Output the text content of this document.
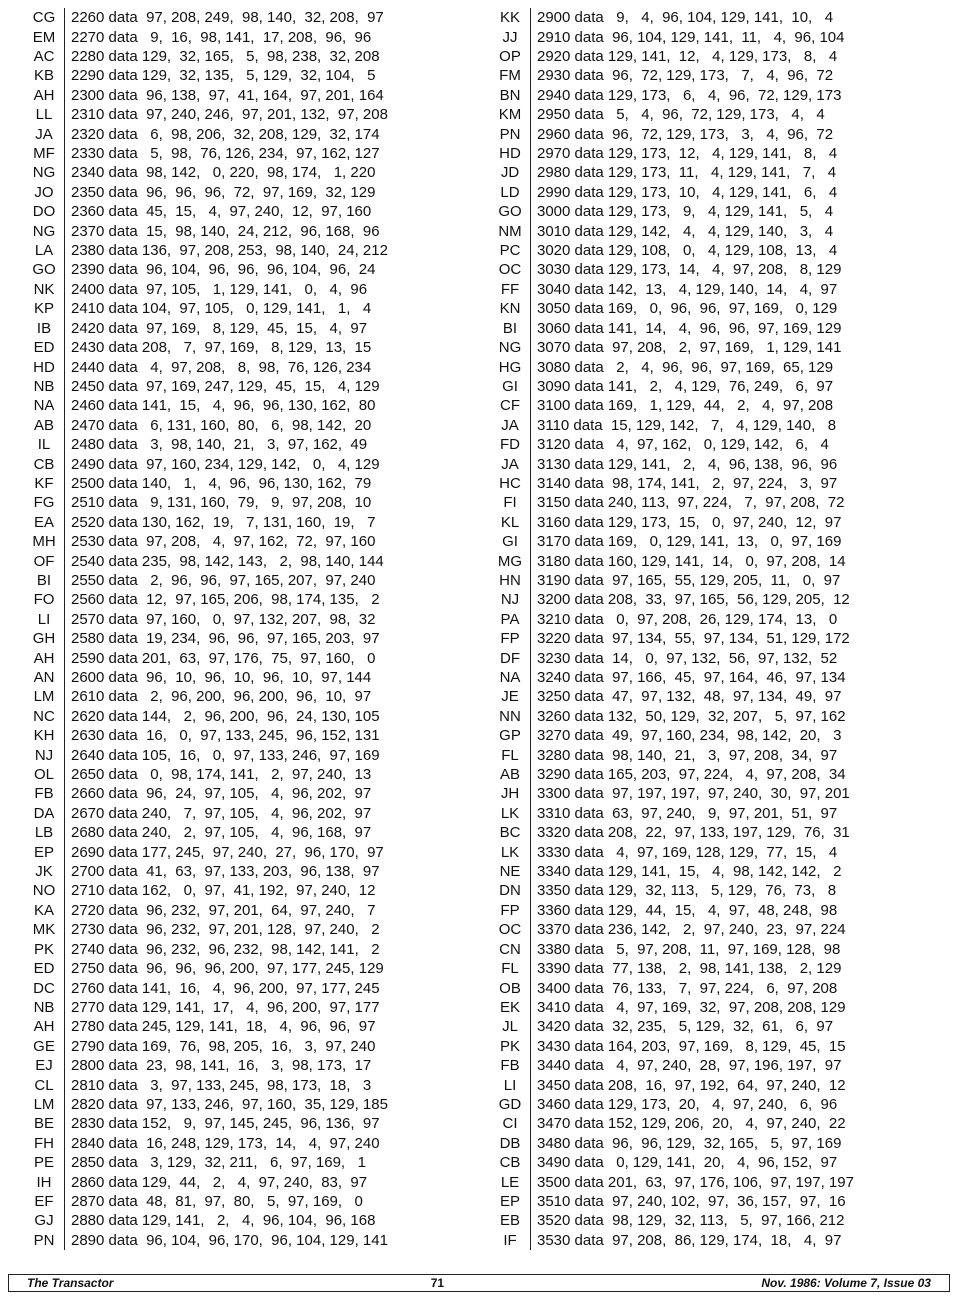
CG	2260 data  97, 208, 249,  98, 140,  32, 208,  97
EM	2270 data   9,  16,  98, 141,  17, 208,  96,  96
AC	2280 data 129,  32, 165,   5,  98, 238,  32, 208
KB	2290 data 129,  32, 135,   5, 129,  32, 104,   5
AH	2300 data  96, 138,  97,  41, 164,  97, 201, 164
LL	2310 data  97, 240, 246,  97, 201, 132,  97, 208
JA	2320 data   6,  98, 206,  32, 208, 129,  32, 174
MF	2330 data   5,  98,  76, 126, 234,  97, 162, 127
NG	2340 data  98, 142,   0, 220,  98, 174,   1, 220
JO	2350 data  96,  96,  96,  72,  97, 169,  32, 129
DO	2360 data  45,  15,   4,  97, 240,  12,  97, 160
NG	2370 data  15,  98, 140,  24, 212,  96, 168,  96
LA	2380 data 136,  97, 208, 253,  98, 140,  24, 212
GO	2390 data  96, 104,  96,  96,  96, 104,  96,  24
NK	2400 data  97, 105,   1, 129, 141,   0,   4,  96
KP	2410 data 104,  97, 105,   0, 129, 141,   1,   4
IB	2420 data  97, 169,   8, 129,  45,  15,   4,  97
ED	2430 data 208,   7,  97, 169,   8, 129,  13,  15
HD	2440 data   4,  97, 208,   8,  98,  76, 126, 234
NB	2450 data  97, 169, 247, 129,  45,  15,   4, 129
NA	2460 data 141,  15,   4,  96,  96, 130, 162,  80
AB	2470 data   6, 131, 160,  80,   6,  98, 142,  20
IL	2480 data   3,  98, 140,  21,   3,  97, 162,  49
CB	2490 data  97, 160, 234, 129, 142,   0,   4, 129
KF	2500 data 140,   1,   4,  96,  96, 130, 162,  79
FG	2510 data   9, 131, 160,  79,   9,  97, 208,  10
EA	2520 data 130, 162,  19,   7, 131, 160,  19,   7
MH	2530 data  97, 208,   4,  97, 162,  72,  97, 160
OF	2540 data 235,  98, 142, 143,   2,  98, 140, 144
BI	2550 data   2,  96,  96,  97, 165, 207,  97, 240
FO	2560 data  12,  97, 165, 206,  98, 174, 135,   2
LI	2570 data  97, 160,   0,  97, 132, 207,  98,  32
GH	2580 data  19, 234,  96,  96,  97, 165, 203,  97
AH	2590 data 201,  63,  97, 176,  75,  97, 160,   0
AN	2600 data  96,  10,  96,  10,  96,  10,  97, 144
LM	2610 data   2,  96, 200,  96, 200,  96,  10,  97
NC	2620 data 144,   2,  96, 200,  96,  24, 130, 105
KH	2630 data  16,   0,  97, 133, 245,  96, 152, 131
NJ	2640 data 105,  16,   0,  97, 133, 246,  97, 169
OL	2650 data   0,  98, 174, 141,   2,  97, 240,  13
FB	2660 data  96,  24,  97, 105,   4,  96, 202,  97
DA	2670 data 240,   7,  97, 105,   4,  96, 202,  97
LB	2680 data 240,   2,  97, 105,   4,  96, 168,  97
EP	2690 data 177, 245,  97, 240,  27,  96, 170,  97
JK	2700 data  41,  63,  97, 133, 203,  96, 138,  97
NO	2710 data 162,   0,  97,  41, 192,  97, 240,  12
KA	2720 data  96, 232,  97, 201,  64,  97, 240,   7
MK	2730 data  96, 232,  97, 201, 128,  97, 240,   2
PK	2740 data  96, 232,  96, 232,  98, 142, 141,   2
ED	2750 data  96,  96,  96, 200,  97, 177, 245, 129
DC	2760 data 141,  16,   4,  96, 200,  97, 177, 245
NB	2770 data 129, 141,  17,   4,  96, 200,  97, 177
AH	2780 data 245, 129, 141,  18,   4,  96,  96,  97
GE	2790 data 169,  76,  98, 205,  16,   3,  97, 240
EJ	2800 data  23,  98, 141,  16,   3,  98, 173,  17
CL	2810 data   3,  97, 133, 245,  98, 173,  18,   3
LM	2820 data  97, 133, 246,  97, 160,  35, 129, 185
BE	2830 data 152,   9,  97, 145, 245,  96, 136,  97
FH	2840 data  16, 248, 129, 173,  14,   4,  97, 240
PE	2850 data   3, 129,  32, 211,   6,  97, 169,   1
IH	2860 data 129,  44,   2,   4,  97, 240,  83,  97
EF	2870 data  48,  81,  97,  80,   5,  97, 169,   0
GJ	2880 data 129, 141,   2,   4,  96, 104,  96, 168
PN	2890 data  96, 104,  96, 170,  96, 104, 129, 141
KK	2900 data   9,   4,  96, 104, 129, 141,  10,   4
JJ	2910 data  96, 104, 129, 141,  11,   4,  96, 104
OP	2920 data 129, 141,  12,   4, 129, 173,   8,   4
FM	2930 data  96,  72, 129, 173,   7,   4,  96,  72
BN	2940 data 129, 173,   6,   4,  96,  72, 129, 173
KM	2950 data   5,   4,  96,  72, 129, 173,   4,   4
PN	2960 data  96,  72, 129, 173,   3,   4,  96,  72
HD	2970 data 129, 173,  12,   4, 129, 141,   8,   4
JD	2980 data 129, 173,  11,   4, 129, 141,   7,   4
LD	2990 data 129, 173,  10,   4, 129, 141,   6,   4
GO	3000 data 129, 173,   9,   4, 129, 141,   5,   4
NM	3010 data 129, 142,   4,   4, 129, 140,   3,   4
PC	3020 data 129, 108,   0,   4, 129, 108,  13,   4
OC	3030 data 129, 173,  14,   4,  97, 208,   8, 129
FF	3040 data 142,  13,   4, 129, 140,  14,   4,  97
KN	3050 data 169,   0,  96,  96,  97, 169,   0, 129
BI	3060 data 141,  14,   4,  96,  96,  97, 169, 129
NG	3070 data  97, 208,   2,  97, 169,   1, 129, 141
HG	3080 data   2,   4,  96,  96,  97, 169,  65, 129
GI	3090 data 141,   2,   4, 129,  76, 249,   6,  97
CF	3100 data 169,   1, 129,  44,   2,   4,  97, 208
JA	3110 data  15, 129, 142,   7,   4, 129, 140,   8
FD	3120 data   4,  97, 162,   0, 129, 142,   6,   4
JA	3130 data 129, 141,   2,   4,  96, 138,  96,  96
HC	3140 data  98, 174, 141,   2,  97, 224,   3,  97
FI	3150 data 240, 113,  97, 224,   7,  97, 208,  72
KL	3160 data 129, 173,  15,   0,  97, 240,  12,  97
GI	3170 data 169,   0, 129, 141,  13,   0,  97, 169
MG 3180 data 160, 129, 141,  14,   0,  97, 208,  14
HN	3190 data  97, 165,  55, 129, 205,  11,   0,  97
NJ	3200 data 208,  33,  97, 165,  56, 129, 205,  12
PA	3210 data   0,  97, 208,  26, 129, 174,  13,   0
FP	3220 data  97, 134,  55,  97, 134,  51, 129, 172
DF	3230 data  14,   0,  97, 132,  56,  97, 132,  52
NA	3240 data  97, 166,  45,  97, 164,  46,  97, 134
JE	3250 data  47,  97, 132,  48,  97, 134,  49,  97
NN	3260 data 132,  50, 129,  32, 207,   5,  97, 162
GP	3270 data  49,  97, 160, 234,  98, 142,  20,   3
FL	3280 data  98, 140,  21,   3,  97, 208,  34,  97
AB	3290 data 165, 203,  97, 224,   4,  97, 208,  34
JH	3300 data  97, 197, 197,  97, 240,  30,  97, 201
LK	3310 data  63,  97, 240,   9,  97, 201,  51,  97
BC	3320 data 208,  22,  97, 133, 197, 129,  76,  31
LK	3330 data   4,  97, 169, 128, 129,  77,  15,   4
NE	3340 data 129, 141,  15,   4,  98, 142, 142,   2
DN	3350 data 129,  32, 113,   5, 129,  76,  73,   8
FP	3360 data 129,  44,  15,   4,  97,  48, 248,  98
OC	3370 data 236, 142,   2,  97, 240,  23,  97, 224
CN	3380 data   5,  97, 208,  11,  97, 169, 128,  98
FL	3390 data  77, 138,   2,  98, 141, 138,   2, 129
OB	3400 data  76, 133,   7,  97, 224,   6,  97, 208
EK	3410 data   4,  97, 169,  32,  97, 208, 208, 129
JL	3420 data  32, 235,   5, 129,  32,  61,   6,  97
PK	3430 data 164, 203,  97, 169,   8, 129,  45,  15
FB	3440 data   4,  97, 240,  28,  97, 196, 197,  97
LI	3450 data 208,  16,  97, 192,  64,  97, 240,  12
GD	3460 data 129, 173,  20,   4,  97, 240,   6,  96
CI	3470 data 152, 129, 206,  20,   4,  97, 240,  22
DB	3480 data  96,  96, 129,  32, 165,   5,  97, 169
CB	3490 data   0, 129, 141,  20,   4,  96, 152,  97
LE	3500 data 201,  63,  97, 176, 106,  97, 197, 197
EP	3510 data  97, 240, 102,  97,  36, 157,  97,  16
EB	3520 data  98, 129,  32, 113,   5,  97, 166, 212
IF	3530 data  97, 208,  86, 129, 174,  18,   4,  97
The Transactor	71	Nov. 1986: Volume 7, Issue 03
